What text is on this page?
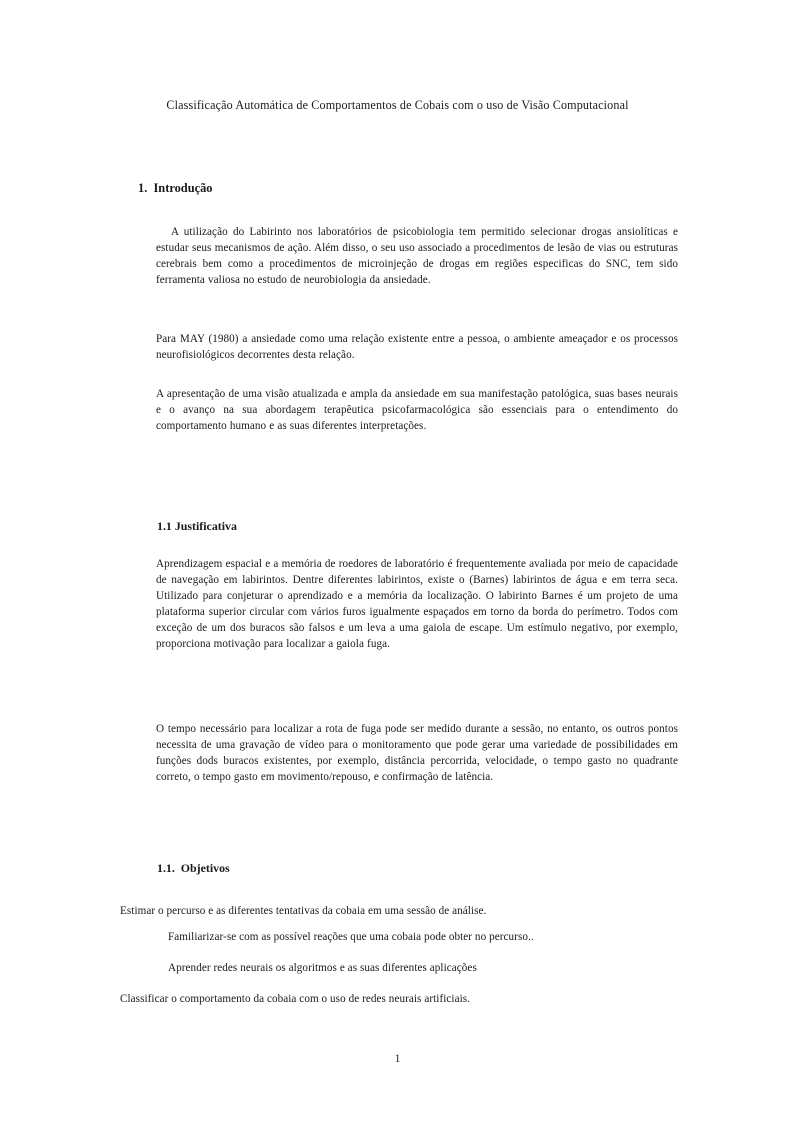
Classificação Automática de Comportamentos de Cobais com o uso de Visão Computacional
1.  Introdução
A utilização do Labirinto nos laboratórios de psicobiologia tem permitido selecionar drogas ansiolíticas e estudar seus mecanismos de ação. Além disso, o seu uso associado a procedimentos de lesão de vias ou estruturas cerebrais bem como a procedimentos de microinjeção de drogas em regiões especificas do SNC, tem sido ferramenta valiosa no estudo de neurobiologia da ansiedade.
Para MAY (1980) a ansiedade como uma relação existente entre a pessoa, o ambiente ameaçador e os processos neurofisiológicos decorrentes desta relação.
A apresentação de uma visão atualizada e ampla da ansiedade em sua manifestação patológica, suas bases neurais e o avanço na sua abordagem terapêutica psicofarmacológica são essenciais para o entendimento do comportamento humano e as suas diferentes interpretações.
1.1 Justificativa
Aprendizagem espacial e a memória de roedores de laboratório é frequentemente avaliada por meio de capacidade de navegação em labirintos. Dentre diferentes labirintos, existe o (Barnes) labirintos de água e em terra seca. Utilizado para conjeturar o aprendizado e a memória da localização. O labirinto Barnes é um projeto de uma plataforma superior circular com vários furos igualmente espaçados em torno da borda do perímetro. Todos com exceção de um dos buracos são falsos e um leva a uma gaiola de escape. Um estímulo negativo, por exemplo, proporciona motivação para localizar a gaiola fuga.
O tempo necessário para localizar a rota de fuga pode ser medido durante a sessão, no entanto, os outros pontos necessita de uma gravação de vídeo para o monitoramento que pode gerar uma variedade de possibilidades em funções dods buracos existentes, por exemplo, distância percorrida, velocidade, o tempo gasto no quadrante correto, o tempo gasto em movimento/repouso, e confirmação de latência.
1.1.  Objetivos
Estimar o percurso e as diferentes tentativas da cobaia em uma sessão de análise.
Familiarizar-se com as possível reações que uma cobaia pode obter no percurso..
Aprender redes neurais os algoritmos e as suas diferentes aplicações
Classificar o comportamento da cobaia com o uso de redes neurais artificiais.
1
